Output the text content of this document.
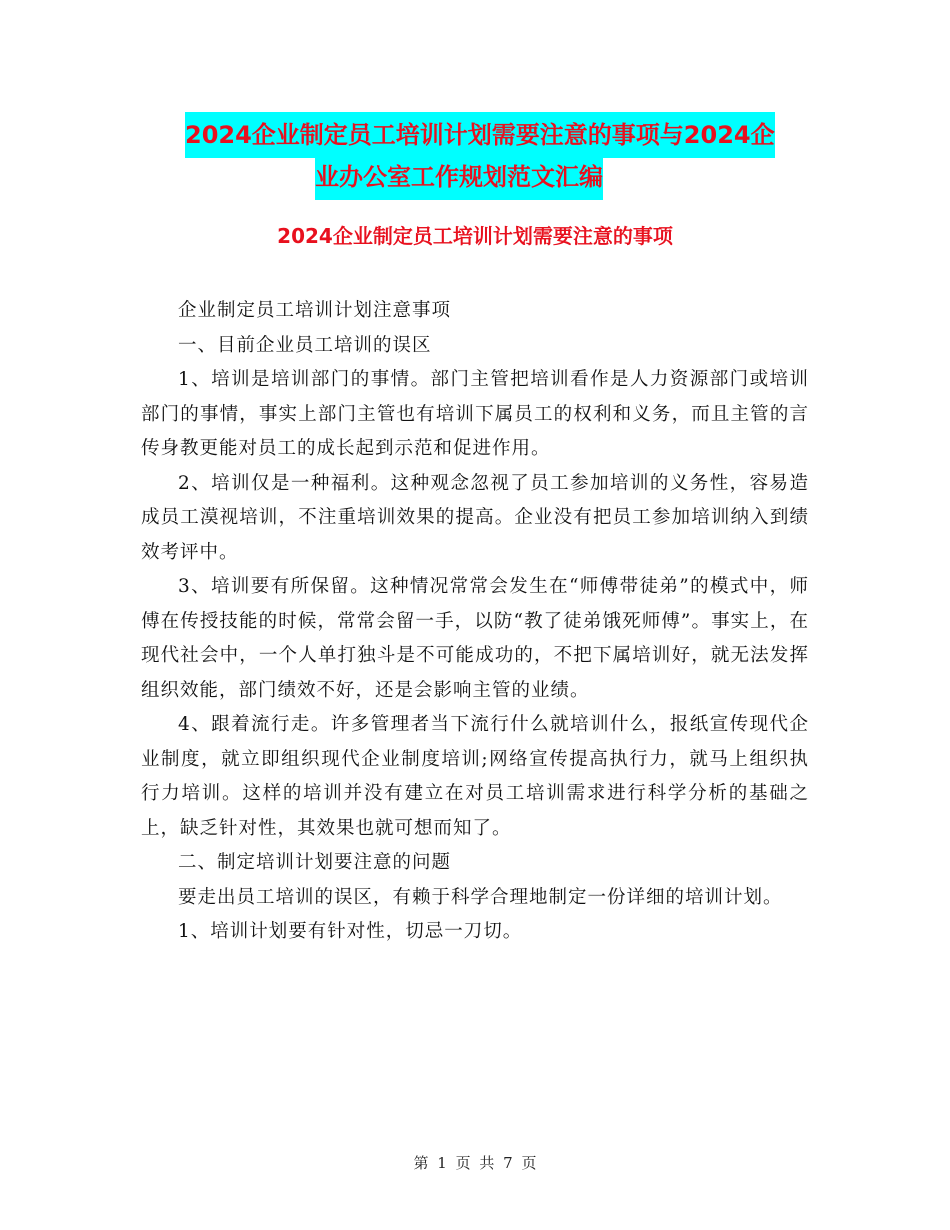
2024企业制定员工培训计划需要注意的事项与2024企
业办公室工作规划范文汇编
2024企业制定员工培训计划需要注意的事项

企业制定员工培训计划注意事项

一、目前企业员工培训的误区

1、培训是培训部门的事情。部门主管把培训看作是人力资源部门或培训部门的事情，事实上部门主管也有培训下属员工的权利和义务，而且主管的言传身教更能对员工的成长起到示范和促进作用。

2、培训仅是一种福利。这种观念忽视了员工参加培训的义务性，容易造成员工漠视培训，不注重培训效果的提高。企业没有把员工参加培训纳入到绩效考评中。

3、培训要有所保留。这种情况常常会发生在“师傅带徒弟”的模式中，师傅在传授技能的时候，常常会留一手，以防“教了徒弟饿死师傅”。事实上，在现代社会中，一个人单打独斗是不可能成功的，不把下属培训好，就无法发挥组织效能，部门绩效不好，还是会影响主管的业绩。

4、跟着流行走。许多管理者当下流行什么就培训什么，报纸宣传现代企业制度，就立即组织现代企业制度培训;网络宣传提高执行力，就马上组织执行力培训。这样的培训并没有建立在对员工培训需求进行科学分析的基础之上，缺乏针对性，其效果也就可想而知了。

二、制定培训计划要注意的问题

要走出员工培训的误区，有赖于科学合理地制定一份详细的培训计划。

1、培训计划要有针对性，切忌一刀切。

第 1 页 共 7 页
